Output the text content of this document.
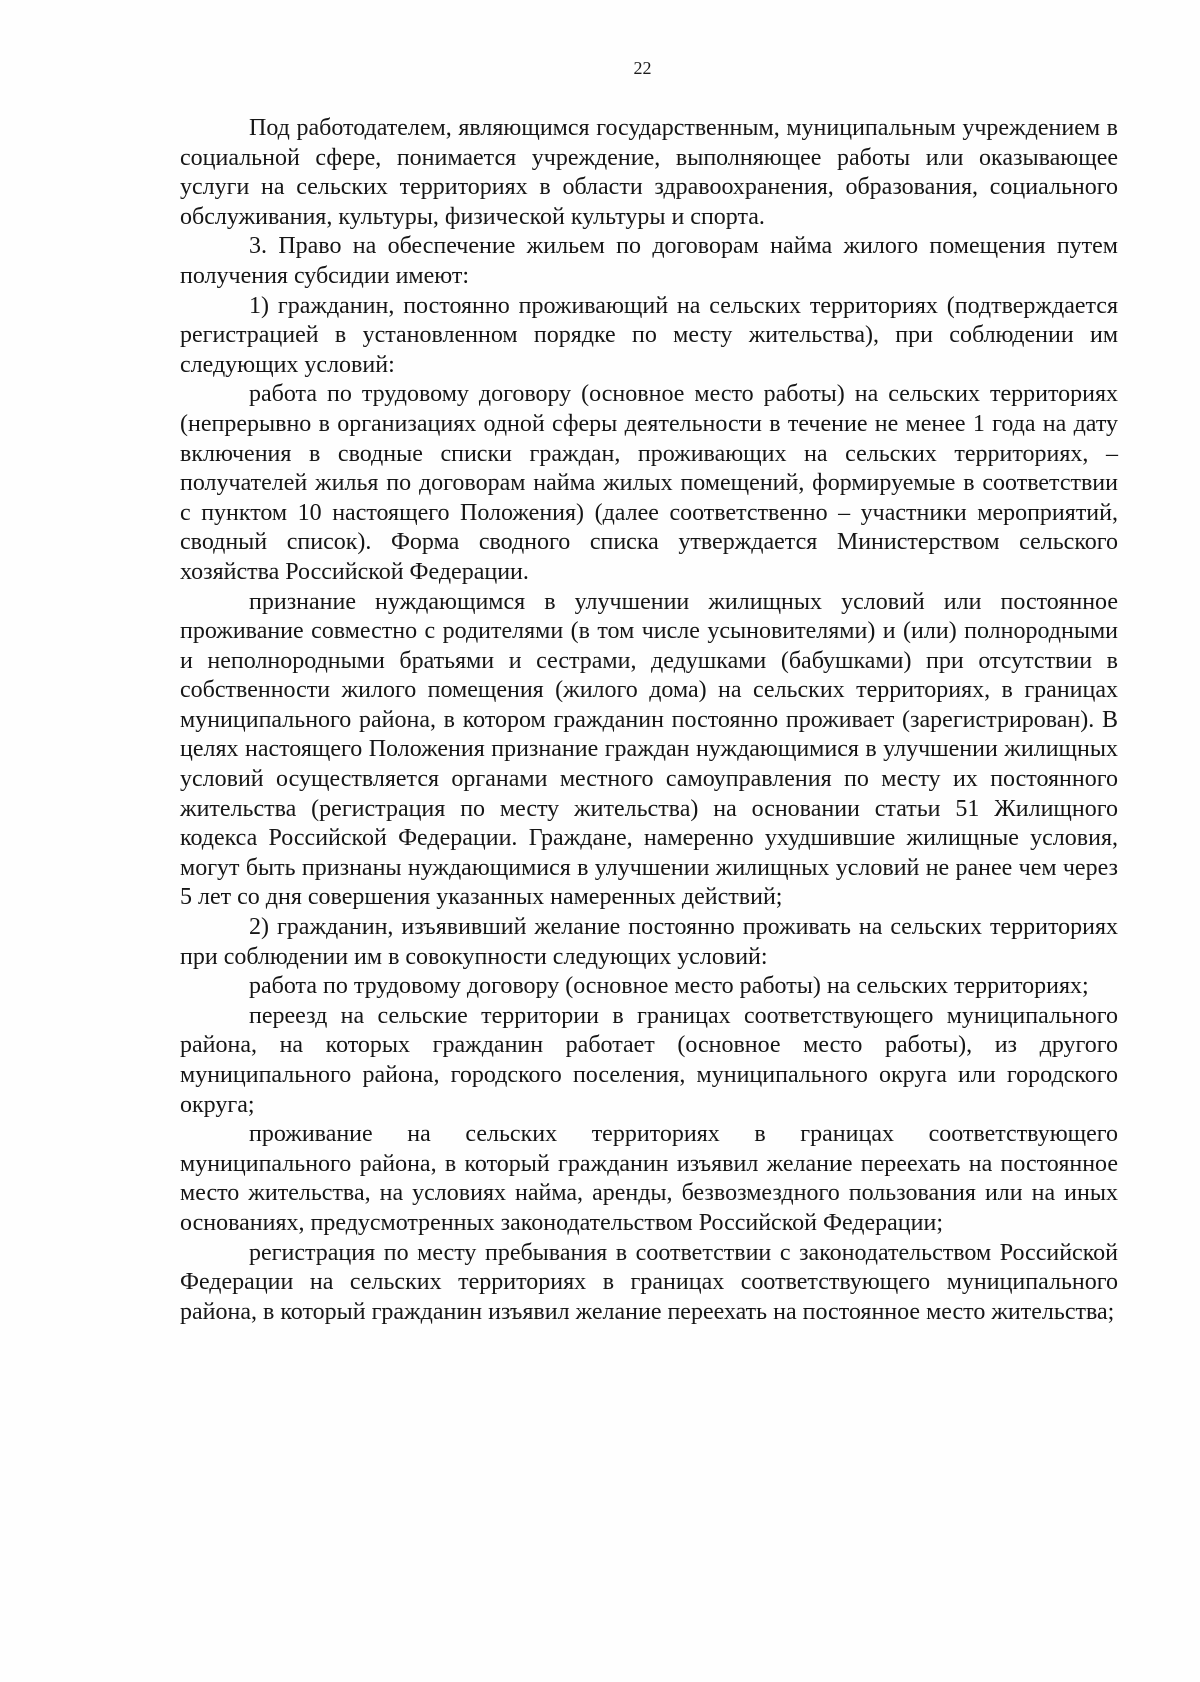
22

Под работодателем, являющимся государственным, муниципальным учреждением в социальной сфере, понимается учреждение, выполняющее работы или оказывающее услуги на сельских территориях в области здравоохранения, образования, социального обслуживания, культуры, физической культуры и спорта.

3. Право на обеспечение жильем по договорам найма жилого помещения путем получения субсидии имеют:

1) гражданин, постоянно проживающий на сельских территориях (подтверждается регистрацией в установленном порядке по месту жительства), при соблюдении им следующих условий:

работа по трудовому договору (основное место работы) на сельских территориях (непрерывно в организациях одной сферы деятельности в течение не менее 1 года на дату включения в сводные списки граждан, проживающих на сельских территориях, – получателей жилья по договорам найма жилых помещений, формируемые в соответствии с пунктом 10 настоящего Положения) (далее соответственно – участники мероприятий, сводный список). Форма сводного списка утверждается Министерством сельского хозяйства Российской Федерации.

признание нуждающимся в улучшении жилищных условий или постоянное проживание совместно с родителями (в том числе усыновителями) и (или) полнородными и неполнородными братьями и сестрами, дедушками (бабушками) при отсутствии в собственности жилого помещения (жилого дома) на сельских территориях, в границах муниципального района, в котором гражданин постоянно проживает (зарегистрирован). В целях настоящего Положения признание граждан нуждающимися в улучшении жилищных условий осуществляется органами местного самоуправления по месту их постоянного жительства (регистрация по месту жительства) на основании статьи 51 Жилищного кодекса Российской Федерации. Граждане, намеренно ухудшившие жилищные условия, могут быть признаны нуждающимися в улучшении жилищных условий не ранее чем через 5 лет со дня совершения указанных намеренных действий;

2) гражданин, изъявивший желание постоянно проживать на сельских территориях при соблюдении им в совокупности следующих условий:

работа по трудовому договору (основное место работы) на сельских территориях;

переезд на сельские территории в границах соответствующего муниципального района, на которых гражданин работает (основное место работы), из другого муниципального района, городского поселения, муниципального округа или городского округа;

проживание на сельских территориях в границах соответствующего муниципального района, в который гражданин изъявил желание переехать на постоянное место жительства, на условиях найма, аренды, безвозмездного пользования или на иных основаниях, предусмотренных законодательством Российской Федерации;

регистрация по месту пребывания в соответствии с законодательством Российской Федерации на сельских территориях в границах соответствующего муниципального района, в который гражданин изъявил желание переехать на постоянное место жительства;
